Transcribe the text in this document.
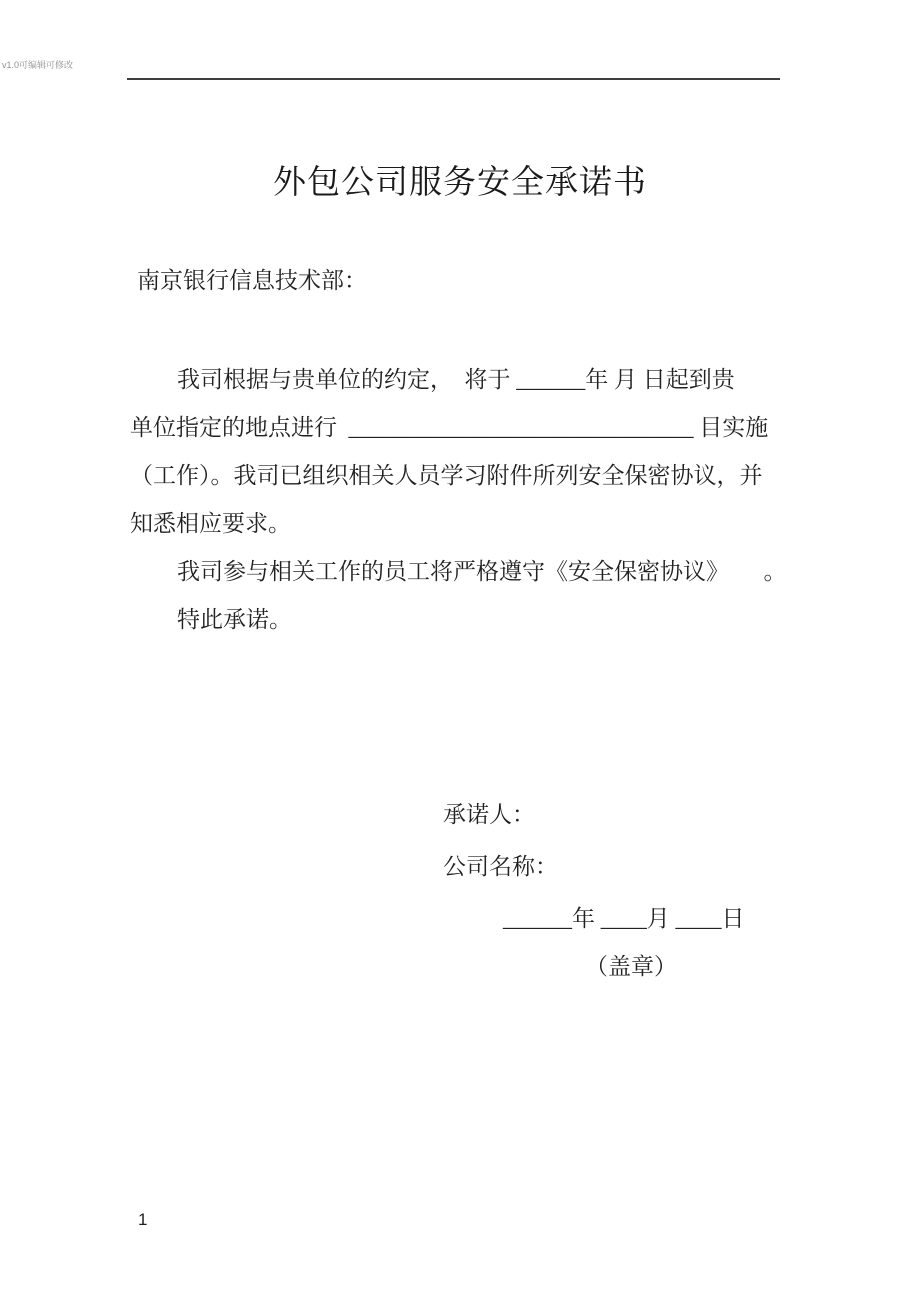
v1.0可编辑可修改
外包公司服务安全承诺书
南京银行信息技术部：
我司根据与贵单位的约定，　将于 ______年 月 日起到贵
单位指定的地点进行  ______________________________ 目实施
（工作）。我司已组织相关人员学习附件所列安全保密协议，并
知悉相应要求。
我司参与相关工作的员工将严格遵守《安全保密协议》　　。
特此承诺。
承诺人：
公司名称：
______年 ____月 ____日
（盖章）
1
